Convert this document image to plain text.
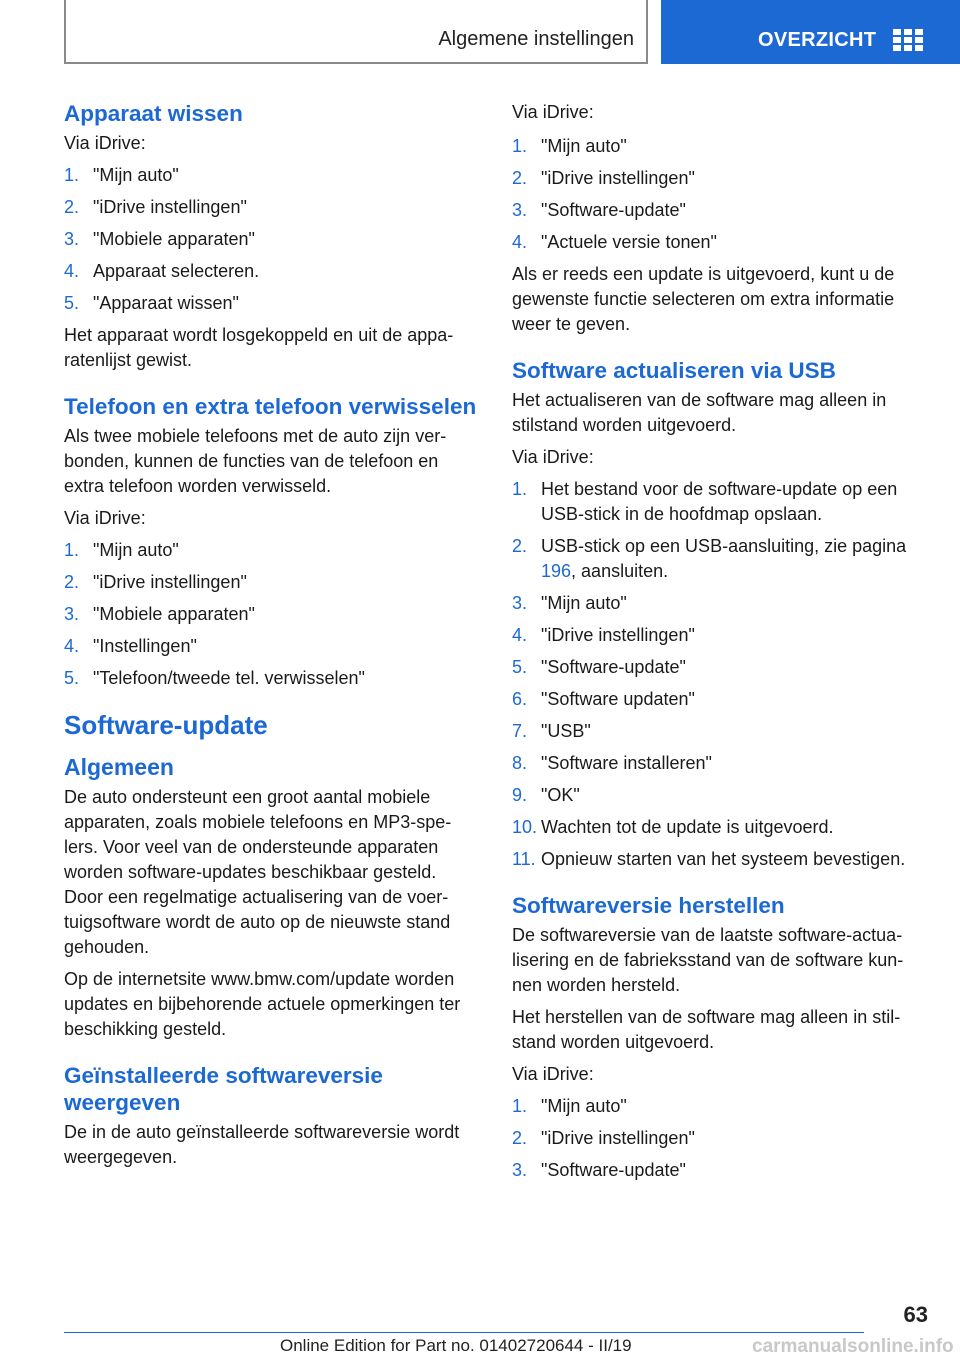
Algemene instellingen	OVERZICHT
Apparaat wissen

Via iDrive:

1. "Mijn auto"
2. "iDrive instellingen"
3. "Mobiele apparaten"
4. Apparaat selecteren.
5. "Apparaat wissen"

Het apparaat wordt losgekoppeld en uit de apparatenlijst gewist.

Telefoon en extra telefoon verwisselen

Als twee mobiele telefoons met de auto zijn verbonden, kunnen de functies van de telefoon en extra telefoon worden verwisseld.

Via iDrive:

1. "Mijn auto"
2. "iDrive instellingen"
3. "Mobiele apparaten"
4. "Instellingen"
5. "Telefoon/tweede tel. verwisselen"
Software-update
Algemeen

De auto ondersteunt een groot aantal mobiele apparaten, zoals mobiele telefoons en MP3-spelers. Voor veel van de ondersteunde apparaten worden software-updates beschikbaar gesteld. Door een regelmatige actualisering van de voertuigsoftware wordt de auto op de nieuwste stand gehouden.

Op de internetsite www.bmw.com/update worden updates en bijbehorende actuele opmerkingen ter beschikking gesteld.

Geïnstalleerde softwareversie weergeven

De in de auto geïnstalleerde softwareversie wordt weergegeven.

Via iDrive:

1. "Mijn auto"
2. "iDrive instellingen"
3. "Software-update"
4. "Actuele versie tonen"

Als er reeds een update is uitgevoerd, kunt u de gewenste functie selecteren om extra informatie weer te geven.

Software actualiseren via USB

Het actualiseren van de software mag alleen in stilstand worden uitgevoerd.

Via iDrive:

1. Het bestand voor de software-update op een USB-stick in de hoofdmap opslaan.
2. USB-stick op een USB-aansluiting, zie pagina 196, aansluiten.
3. "Mijn auto"
4. "iDrive instellingen"
5. "Software-update"
6. "Software updaten"
7. "USB"
8. "Software installeren"
9. "OK"
10. Wachten tot de update is uitgevoerd.
11. Opnieuw starten van het systeem bevestigen.
Softwareversie herstellen

De softwareversie van de laatste software-actualisering en de fabrieksstand van de software kunnen worden hersteld.

Het herstellen van de software mag alleen in stilstand worden uitgevoerd.

Via iDrive:

1. "Mijn auto"
2. "iDrive instellingen"
3. "Software-update"
63
Online Edition for Part no. 01402720644 - II/19	carmanualsonline.info
